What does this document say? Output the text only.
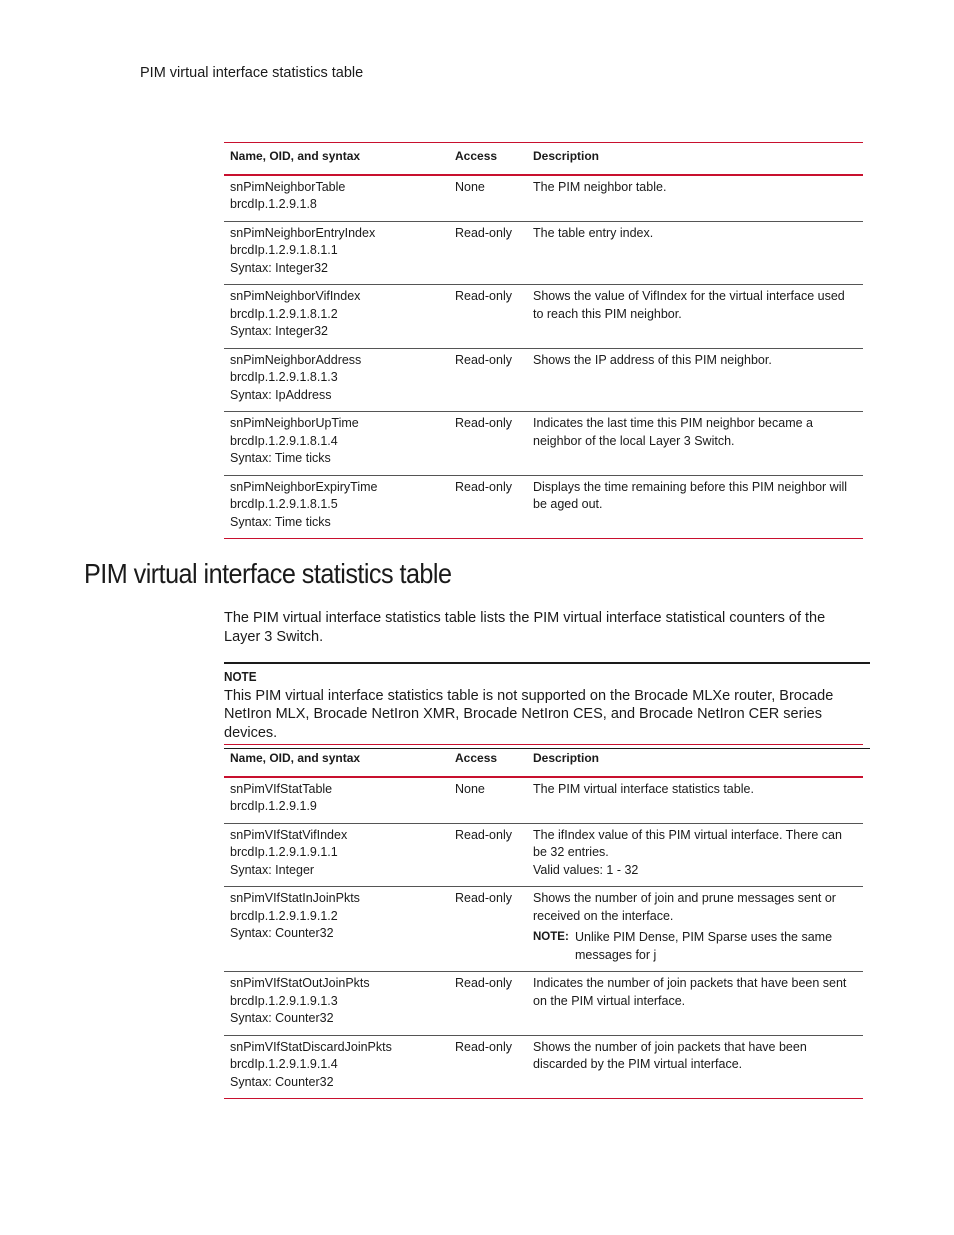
PIM virtual interface statistics table
Name, OID, and syntax	Access	Description

snPimNeighborTable
brcdIp.1.2.9.1.8	None	The PIM neighbor table.

snPimNeighborEntryIndex
brcdIp.1.2.9.1.8.1.1
Syntax: Integer32	Read-only	The table entry index.

snPimNeighborVifIndex
brcdIp.1.2.9.1.8.1.2
Syntax: Integer32	Read-only	Shows the value of VifIndex for the virtual interface used to reach this PIM neighbor.

snPimNeighborAddress
brcdIp.1.2.9.1.8.1.3
Syntax: IpAddress	Read-only	Shows the IP address of this PIM neighbor.

snPimNeighborUpTime
brcdIp.1.2.9.1.8.1.4
Syntax: Time ticks	Read-only	Indicates the last time this PIM neighbor became a neighbor of the local Layer 3 Switch.

snPimNeighborExpiryTime
brcdIp.1.2.9.1.8.1.5
Syntax: Time ticks	Read-only	Displays the time remaining before this PIM neighbor will be aged out.
PIM virtual interface statistics table

The PIM virtual interface statistics table lists the PIM virtual interface statistical counters of the Layer 3 Switch.

NOTE
This PIM virtual interface statistics table is not supported on the Brocade MLXe router, Brocade NetIron MLX, Brocade NetIron XMR, Brocade NetIron CES, and Brocade NetIron CER series devices.
Name, OID, and syntax	Access	Description

snPimVIfStatTable
brcdIp.1.2.9.1.9	None	The PIM virtual interface statistics table.

snPimVIfStatVifIndex
brcdIp.1.2.9.1.9.1.1
Syntax: Integer	Read-only	The ifIndex value of this PIM virtual interface. There can be 32 entries.
Valid values: 1 - 32

snPimVIfStatInJoinPkts
brcdIp.1.2.9.1.9.1.2
Syntax: Counter32	Read-only	Shows the number of join and prune messages sent or received on the interface.
NOTE: Unlike PIM Dense, PIM Sparse uses the same messages for j

snPimVIfStatOutJoinPkts
brcdIp.1.2.9.1.9.1.3
Syntax: Counter32	Read-only	Indicates the number of join packets that have been sent on the PIM virtual interface.

snPimVIfStatDiscardJoinPkts
brcdIp.1.2.9.1.9.1.4
Syntax: Counter32	Read-only	Shows the number of join packets that have been discarded by the PIM virtual interface.
